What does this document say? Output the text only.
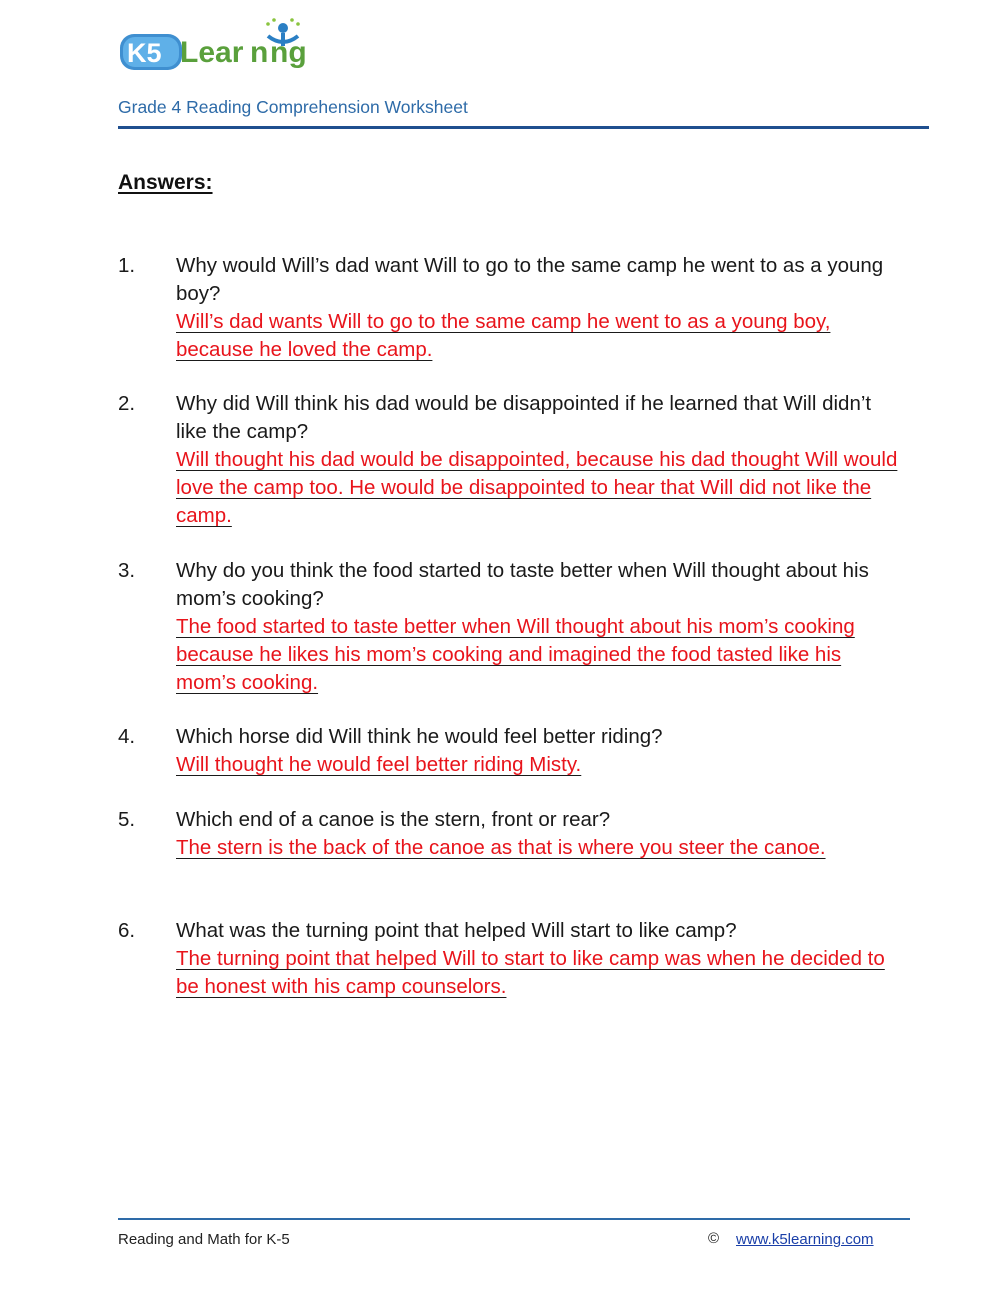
K5 Lear n ng
Grade 4 Reading Comprehension Worksheet
Answers:
1.	Why would Will’s dad want Will to go to the same camp he went to as a young boy?
Will’s dad wants Will to go to the same camp he went to as a young boy, because he loved the camp.
2.	Why did Will think his dad would be disappointed if he learned that Will didn’t like the camp?
Will thought his dad would be disappointed, because his dad thought Will would love the camp too. He would be disappointed to hear that Will did not like the camp.
3.	Why do you think the food started to taste better when Will thought about his mom’s cooking?
The food started to taste better when Will thought about his mom’s cooking because he likes his mom’s cooking and imagined the food tasted like his mom’s cooking.
4.	Which horse did Will think he would feel better riding?
Will thought he would feel better riding Misty.
5.	Which end of a canoe is the stern, front or rear?
The stern is the back of the canoe as that is where you steer the canoe.
6.	What was the turning point that helped Will start to like camp?
The turning point that helped Will to start to like camp was when he decided to be honest with his camp counselors.
Reading and Math for K-5	© www.k5learning.com
